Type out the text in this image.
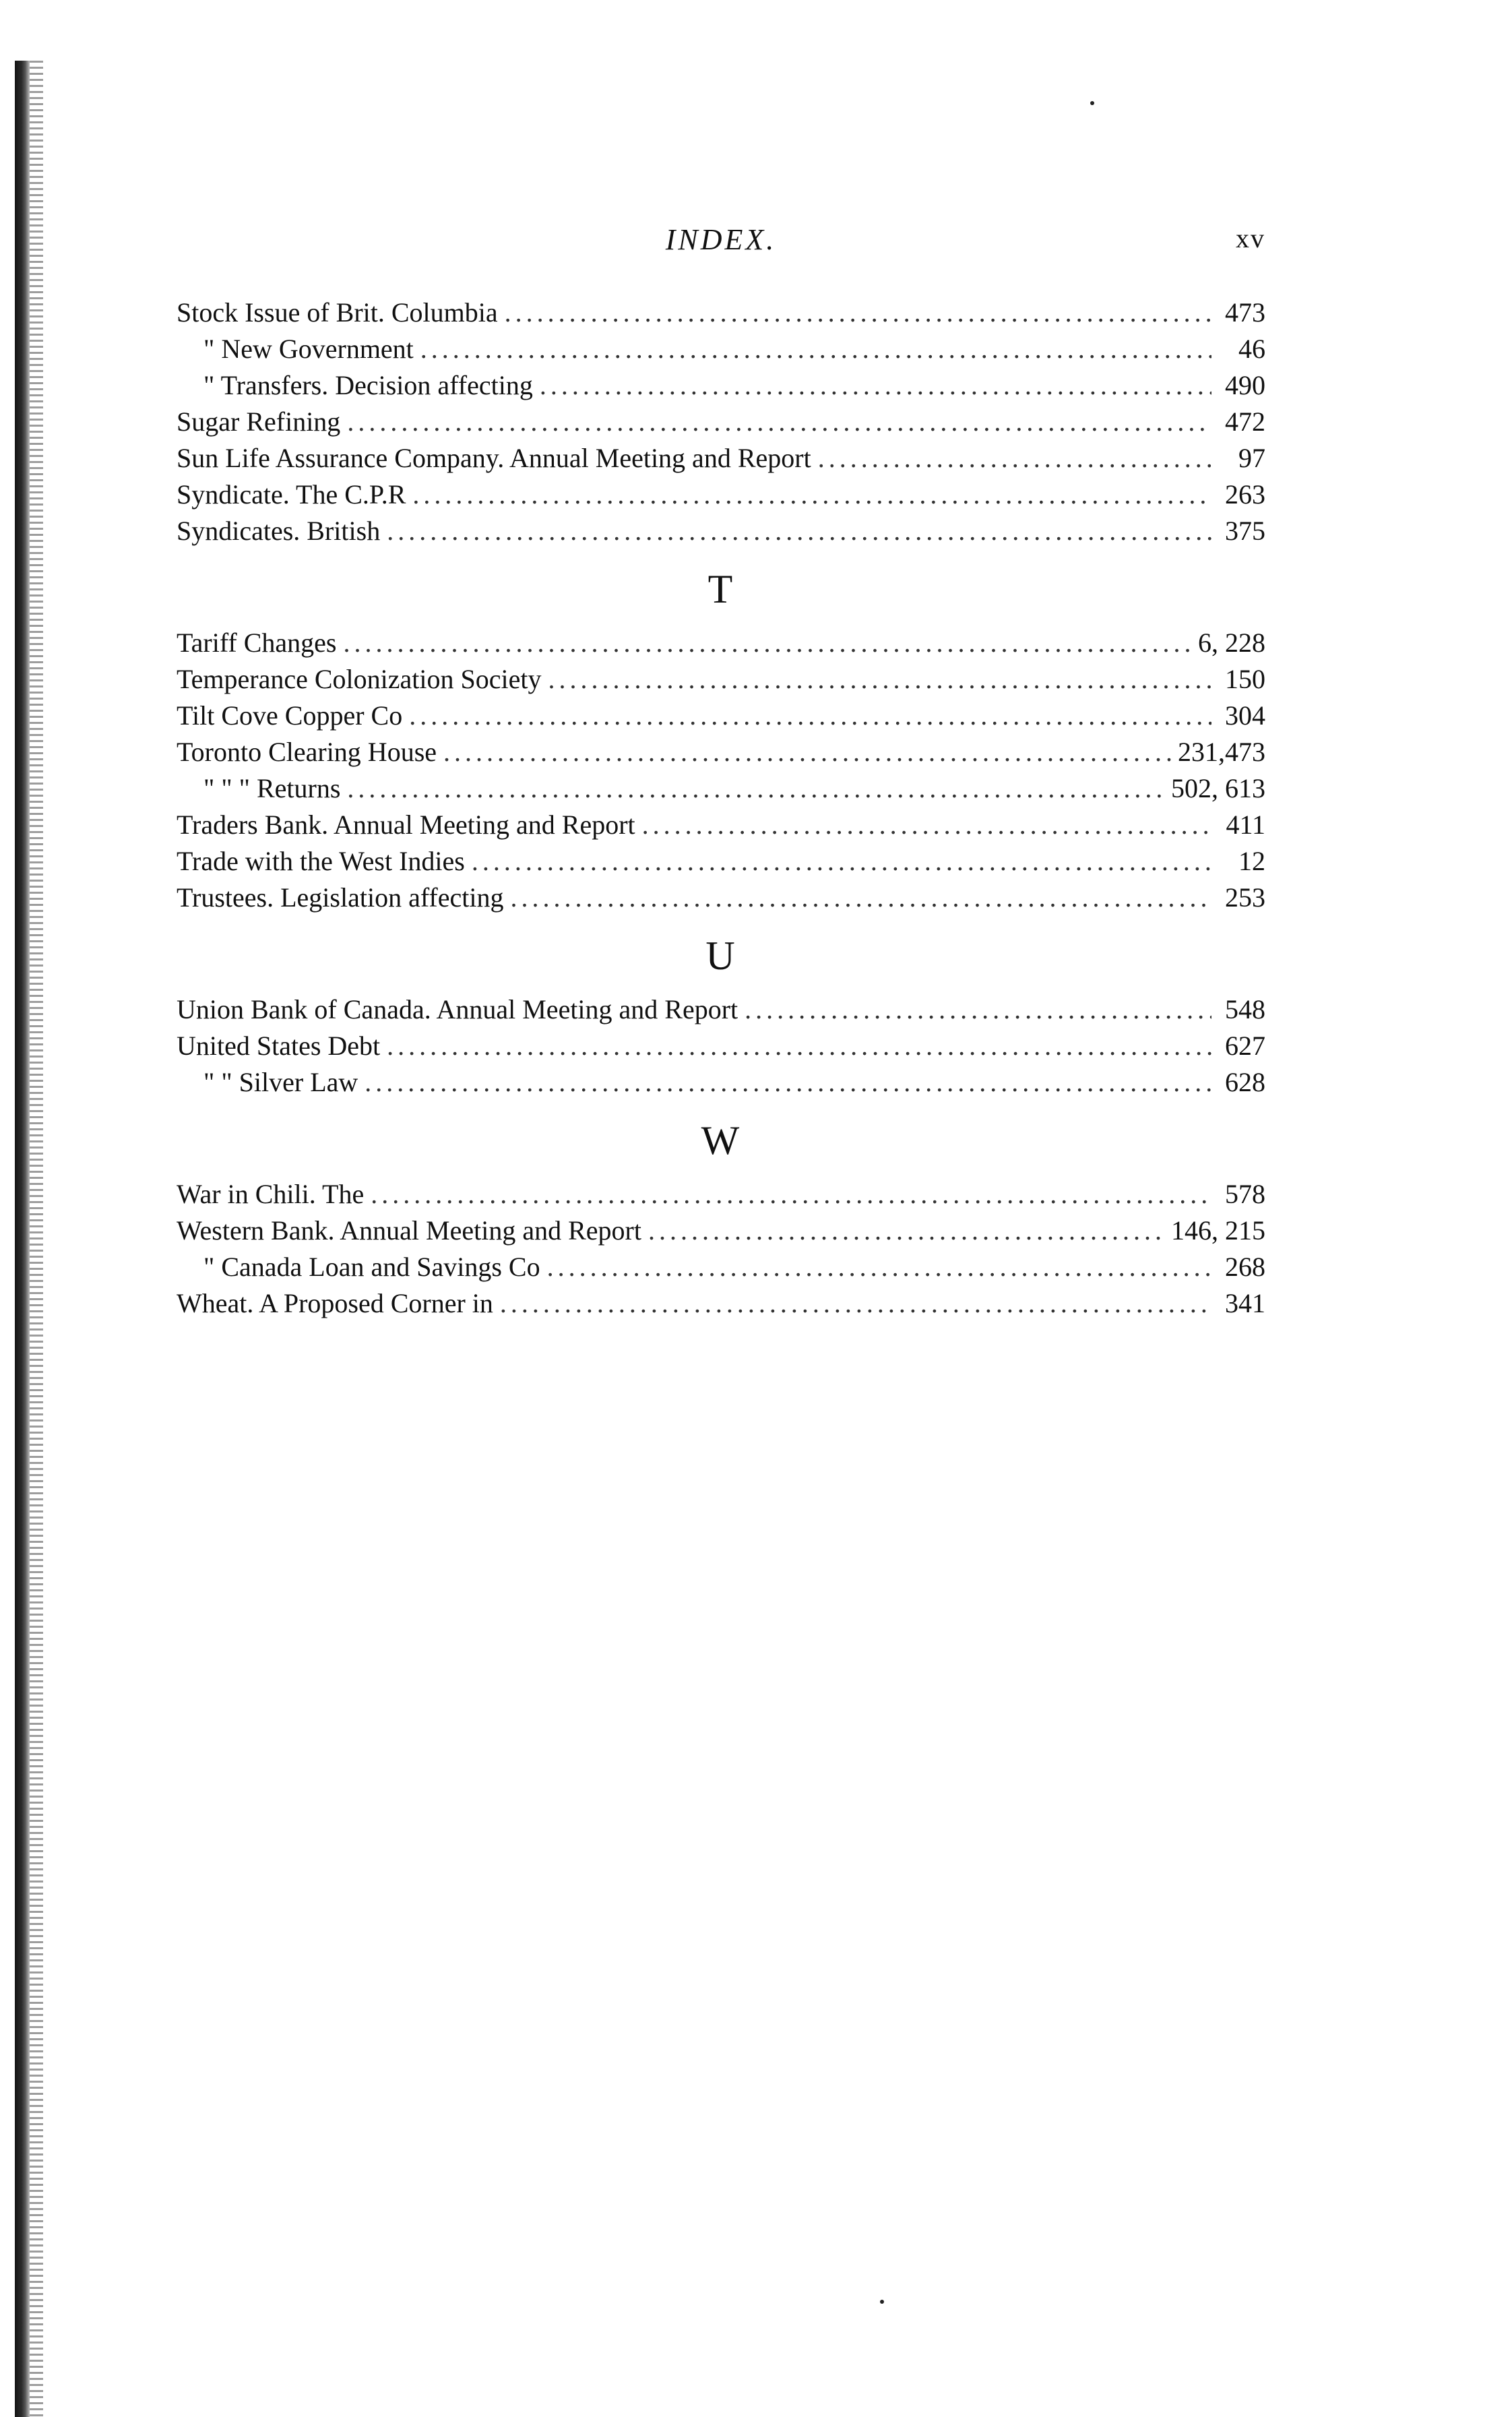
INDEX.	xv
Stock Issue of Brit. Columbia .....	473
" New Government .....	46
" Transfers. Decision affecting .....	490
Sugar Refining .....	472
Sun Life Assurance Company. Annual Meeting and Report .....	97
Syndicate. The C.P.R .....	263
Syndicates. British .....	375
T
Tariff Changes .....	6, 228
Temperance Colonization Society .....	150
Tilt Cove Copper Co .....	304
Toronto Clearing House .....	231,473
" " " Returns .....	502, 613
Traders Bank. Annual Meeting and Report .....	411
Trade with the West Indies .....	12
Trustees. Legislation affecting .....	253
U
Union Bank of Canada. Annual Meeting and Report .....	548
United States Debt .....	627
" " Silver Law .....	628
W
War in Chili. The .....	578
Western Bank. Annual Meeting and Report .....	146, 215
" Canada Loan and Savings Co .....	268
Wheat. A Proposed Corner in .....	341
